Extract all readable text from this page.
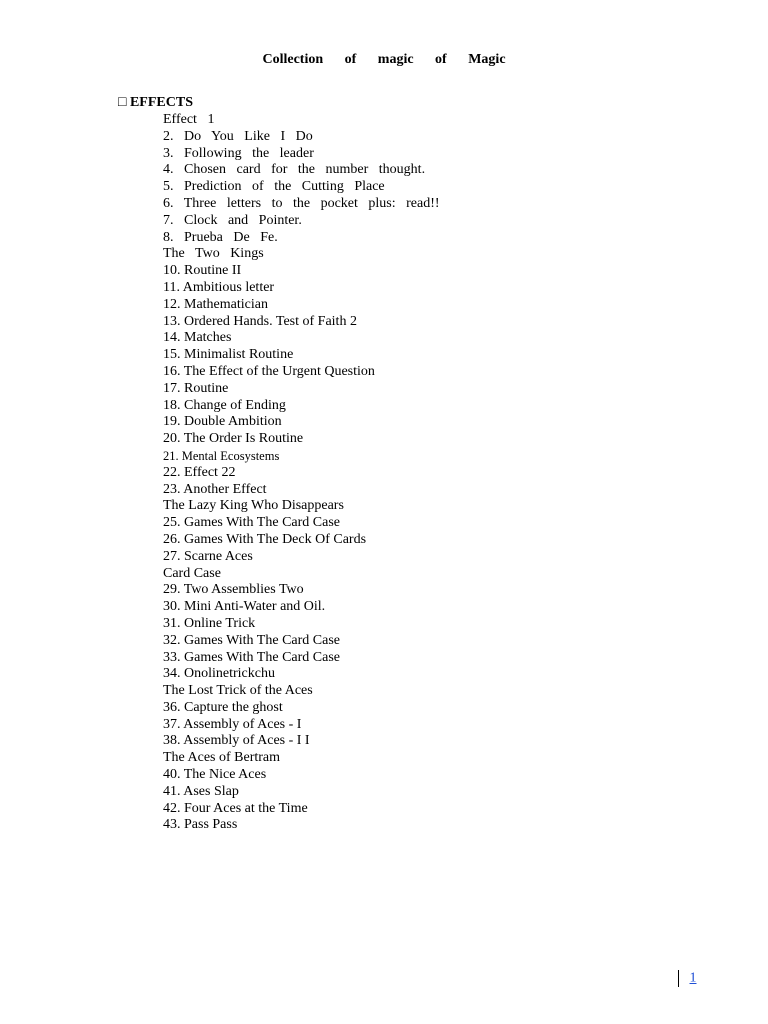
Collection of magic of Magic
□ EFFECTS
Effect 1
2. Do You Like I Do
3. Following the leader
4. Chosen card for the number thought.
5. Prediction of the Cutting Place
6. Three letters to the pocket plus: read!!
7. Clock and Pointer.
8. Prueba De Fe.
The Two Kings
10. Routine II
11. Ambitious letter
12. Mathematician
13. Ordered Hands. Test of Faith 2
14. Matches
15. Minimalist Routine
16. The Effect of the Urgent Question
17. Routine
18. Change of Ending
19. Double Ambition
20. The Order Is Routine
21. Mental Ecosystems
22. Effect 22
23. Another Effect
The Lazy King Who Disappears
25. Games With The Card Case
26. Games With The Deck Of Cards
27. Scarne Aces
Card Case
29. Two Assemblies Two
30. Mini Anti-Water and Oil.
31. Online Trick
32. Games With The Card Case
33. Games With The Card Case
34. Onolinetrickchu
The Lost Trick of the Aces
36. Capture the ghost
37. Assembly of Aces - I
38. Assembly of Aces - I I
The Aces of Bertram
40. The Nice Aces
41. Ases Slap
42. Four Aces at the Time
43. Pass Pass
1
